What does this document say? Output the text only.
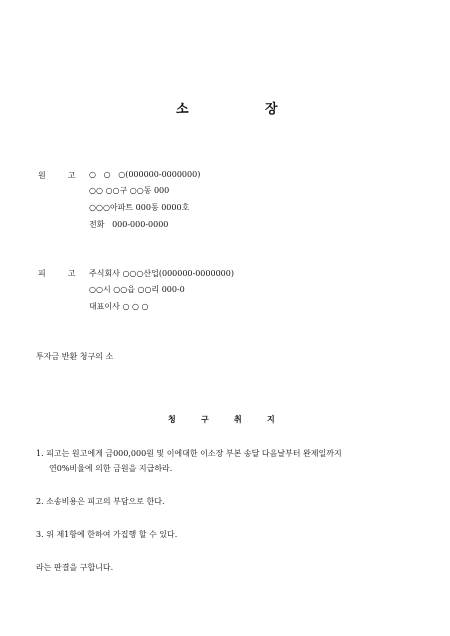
소	장
원	고 ○   ○   ○(000000-0000000)
○○ ○○구 ○○동 000
○○○아파트 000동 0000호
전화   000-000-0000
피	고 주식회사 ○○○산업(000000-0000000)
○○시 ○○읍 ○○리 000-0
대표이사 ○ ○ ○
투자금 반환 청구의 소
청	구	취	지
1. 피고는 원고에게 금000,000원 및 이에대한 이소장 부본 송달 다음날부터 완제일까지
연0%비율에 의한 금원을 지급하라.
2. 소송비용은 피고의 부담으로 한다.
3. 위 제1항에 한하여 가집행 할 수 있다.
라는 판결을 구합니다.
